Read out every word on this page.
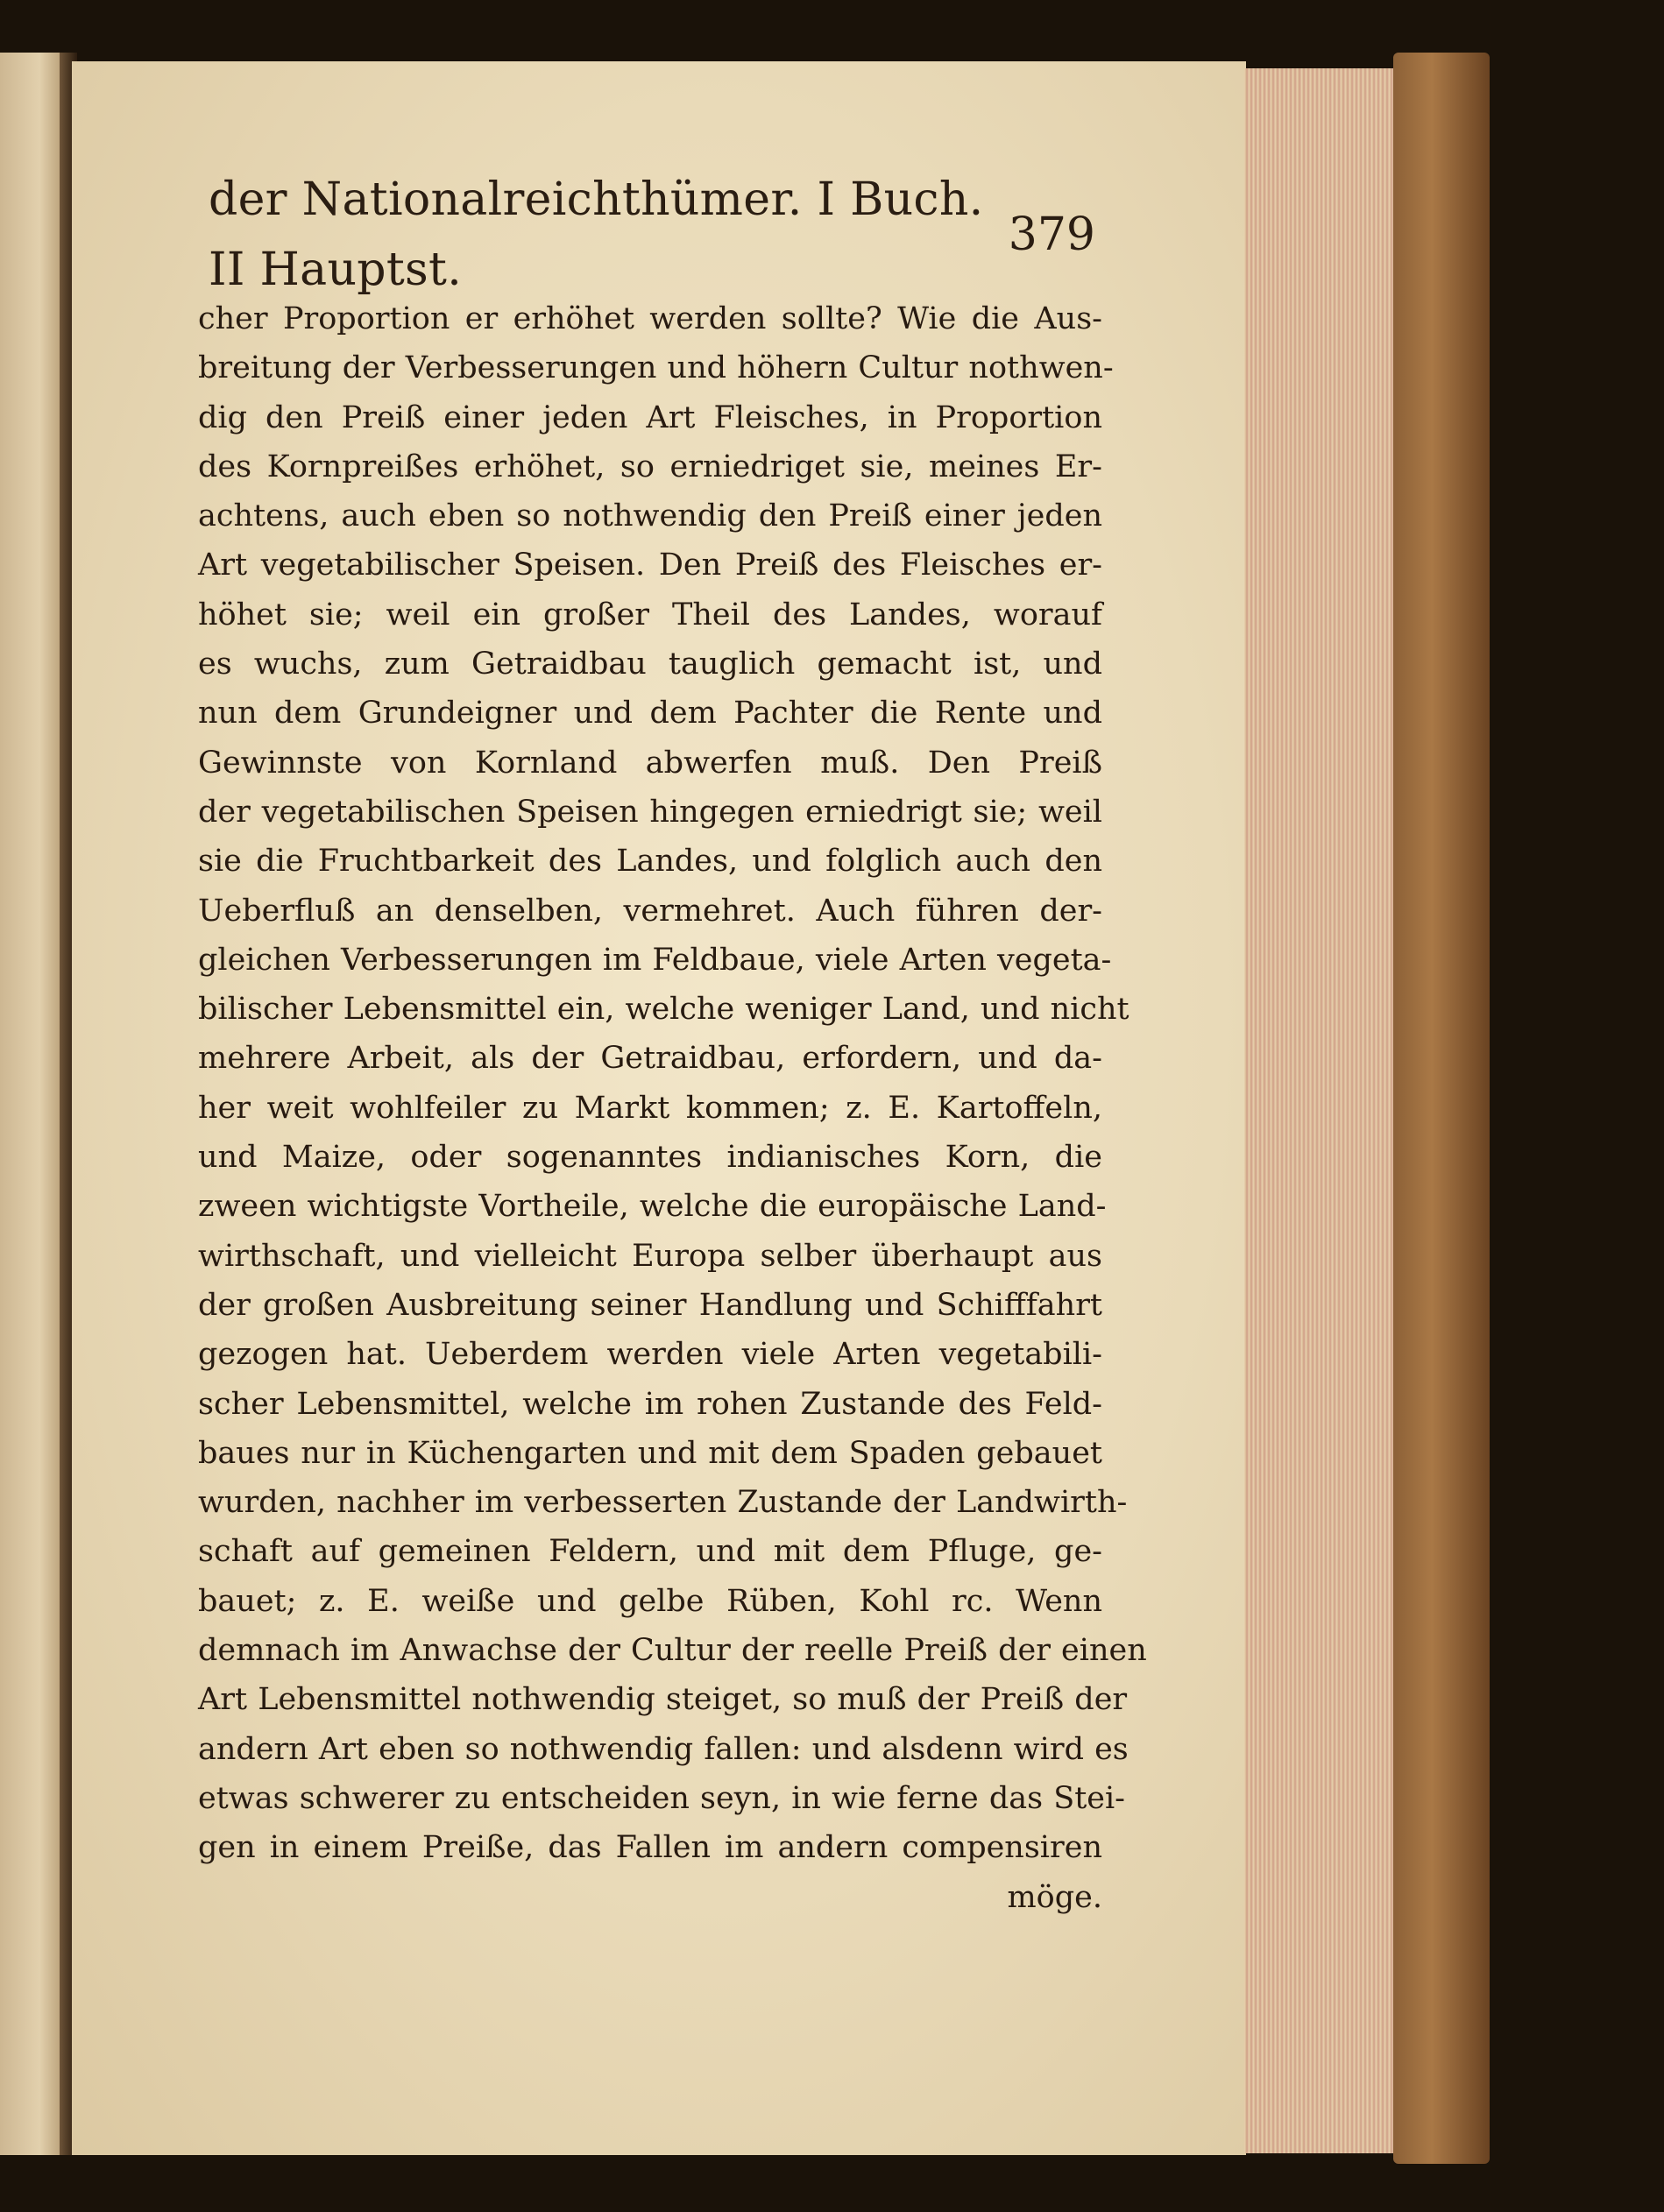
der Nationalreichthümer. I Buch. II Hauptst.
379
cher Proportion er erhöhet werden sollte? Wie die Aus-
breitung der Verbesserungen und höhern Cultur nothwen-
dig den Preiß einer jeden Art Fleisches, in Proportion
des Kornpreißes erhöhet, so erniedriget sie, meines Er-
achtens, auch eben so nothwendig den Preiß einer jeden
Art vegetabilischer Speisen. Den Preiß des Fleisches er-
höhet sie; weil ein großer Theil des Landes, worauf
es wuchs, zum Getraidbau tauglich gemacht ist, und
nun dem Grundeigner und dem Pachter die Rente und
Gewinnste von Kornland abwerfen muß. Den Preiß
der vegetabilischen Speisen hingegen erniedrigt sie; weil
sie die Fruchtbarkeit des Landes, und folglich auch den
Ueberfluß an denselben, vermehret. Auch führen der-
gleichen Verbesserungen im Feldbaue, viele Arten vegeta-
bilischer Lebensmittel ein, welche weniger Land, und nicht
mehrere Arbeit, als der Getraidbau, erfordern, und da-
her weit wohlfeiler zu Markt kommen; z. E. Kartoffeln,
und Maize, oder sogenanntes indianisches Korn, die
zween wichtigste Vortheile, welche die europäische Land-
wirthschaft, und vielleicht Europa selber überhaupt aus
der großen Ausbreitung seiner Handlung und Schifffahrt
gezogen hat. Ueberdem werden viele Arten vegetabili-
scher Lebensmittel, welche im rohen Zustande des Feld-
baues nur in Küchengarten und mit dem Spaden gebauet
wurden, nachher im verbesserten Zustande der Landwirth-
schaft auf gemeinen Feldern, und mit dem Pfluge, ge-
bauet; z. E. weiße und gelbe Rüben, Kohl rc. Wenn
demnach im Anwachse der Cultur der reelle Preiß der einen
Art Lebensmittel nothwendig steiget, so muß der Preiß der
andern Art eben so nothwendig fallen: und alsdenn wird es
etwas schwerer zu entscheiden seyn, in wie ferne das Stei-
gen in einem Preiße, das Fallen im andern compensiren
möge.
